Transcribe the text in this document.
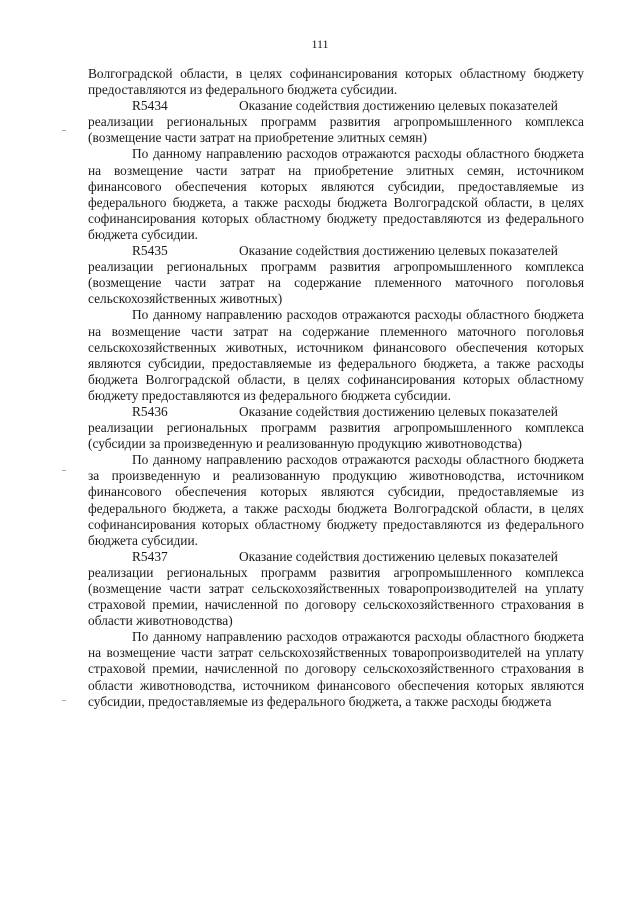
111

Волгоградской области, в целях софинансирования которых областному бюджету предоставляются из федерального бюджета субсидии.

R5434	Оказание содействия достижению целевых показателей

реализации региональных программ развития агропромышленного комплекса (возмещение части затрат на приобретение элитных семян)

По данному направлению расходов отражаются расходы областного бюджета на возмещение части затрат на приобретение элитных семян, источником финансового обеспечения которых являются субсидии, предоставляемые из федерального бюджета, а также расходы бюджета Волгоградской области, в целях софинансирования которых областному бюджету предоставляются из федерального бюджета субсидии.

R5435	Оказание содействия достижению целевых показателей

реализации региональных программ развития агропромышленного комплекса (возмещение части затрат на содержание племенного маточного поголовья сельскохозяйственных животных)

По данному направлению расходов отражаются расходы областного бюджета на возмещение части затрат на содержание племенного маточного поголовья сельскохозяйственных животных, источником финансового обеспечения которых являются субсидии, предоставляемые из федерального бюджета, а также расходы бюджета Волгоградской области, в целях софинансирования которых областному бюджету предоставляются из федерального бюджета субсидии.

R5436	Оказание содействия достижению целевых показателей

реализации региональных программ развития агропромышленного комплекса (субсидии за произведенную и реализованную продукцию животноводства)

По данному направлению расходов отражаются расходы областного бюджета за произведенную и реализованную продукцию животноводства, источником финансового обеспечения которых являются субсидии, предоставляемые из федерального бюджета, а также расходы бюджета Волгоградской области, в целях софинансирования которых областному бюджету предоставляются из федерального бюджета субсидии.

R5437	Оказание содействия достижению целевых показателей

реализации региональных программ развития агропромышленного комплекса (возмещение части затрат сельскохозяйственных товаропроизводителей на уплату страховой премии, начисленной по договору сельскохозяйственного страхования в области животноводства)

По данному направлению расходов отражаются расходы областного бюджета на возмещение части затрат сельскохозяйственных товаропроизводителей на уплату страховой премии, начисленной по договору сельскохозяйственного страхования в области животноводства, источником финансового обеспечения которых являются субсидии, предоставляемые из федерального бюджета, а также расходы бюджета
